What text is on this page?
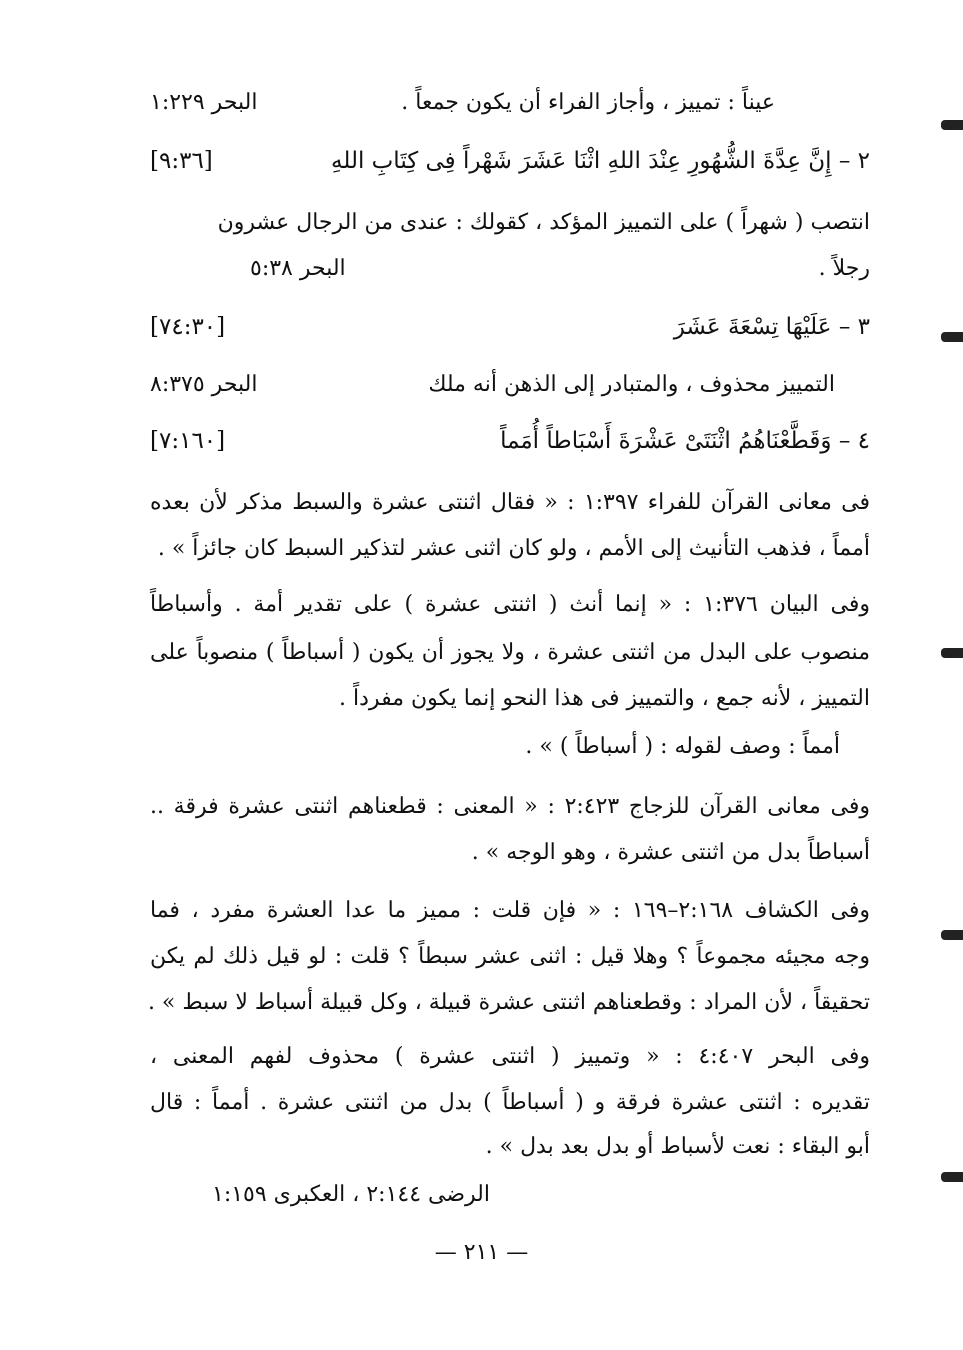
عيناً : تمييز ، وأجاز الفراء أن يكون جمعاً .
البحر ١:٢٢٩
٢ – إِنَّ عِدَّةَ الشُّهُورِ عِنْدَ اللهِ اثْنَا عَشَرَ شَهْراً فِى كِتَابِ اللهِ
[٩:٣٦]
انتصب ( شهراً ) على التمييز المؤكد ، كقولك : عندى من الرجال عشرون
رجلاً .
البحر ٥:٣٨
٣ – عَلَيْهَا تِسْعَةَ عَشَرَ
[٧٤:٣٠]
التمييز محذوف ، والمتبادر إلى الذهن أنه ملك
البحر ٨:٣٧٥
٤ – وَقَطَّعْنَاهُمُ اثْنَتَىْ عَشْرَةَ أَسْبَاطاً أُمَماً
[٧:١٦٠]
فى معانى القرآن للفراء ١:٣٩٧ : « فقال اثنتى عشرة والسبط مذكر لأن بعده
أمماً ، فذهب التأنيث إلى الأمم ، ولو كان اثنى عشر لتذكير السبط كان جائزاً » .
وفى البيان ١:٣٧٦ : « إنما أنث ( اثنتى عشرة ) على تقدير أمة . وأسباطاً
منصوب على البدل من اثنتى عشرة ، ولا يجوز أن يكون ( أسباطاً ) منصوباً على
التمييز ، لأنه جمع ، والتمييز فى هذا النحو إنما يكون مفرداً .
أمماً : وصف لقوله : ( أسباطاً ) » .
وفى معانى القرآن للزجاج ٢:٤٢٣ : « المعنى : قطعناهم اثنتى عشرة فرقة ..
أسباطاً بدل من اثنتى عشرة ، وهو الوجه » .
وفى الكشاف ٢:١٦٨–١٦٩ : « فإن قلت : مميز ما عدا العشرة مفرد ، فما
وجه مجيئه مجموعاً ؟ وهلا قيل : اثنى عشر سبطاً ؟ قلت : لو قيل ذلك لم يكن
تحقيقاً ، لأن المراد : وقطعناهم اثنتى عشرة قبيلة ، وكل قبيلة أسباط لا سبط » .
وفى البحر ٤:٤٠٧ : « وتمييز ( اثنتى عشرة ) محذوف لفهم المعنى ،
تقديره : اثنتى عشرة فرقة و ( أسباطاً ) بدل من اثنتى عشرة . أمماً : قال
أبو البقاء : نعت لأسباط أو بدل بعد بدل » .
الرضى ٢:١٤٤ ، العكبرى ١:١٥٩
— ٢١١ —
